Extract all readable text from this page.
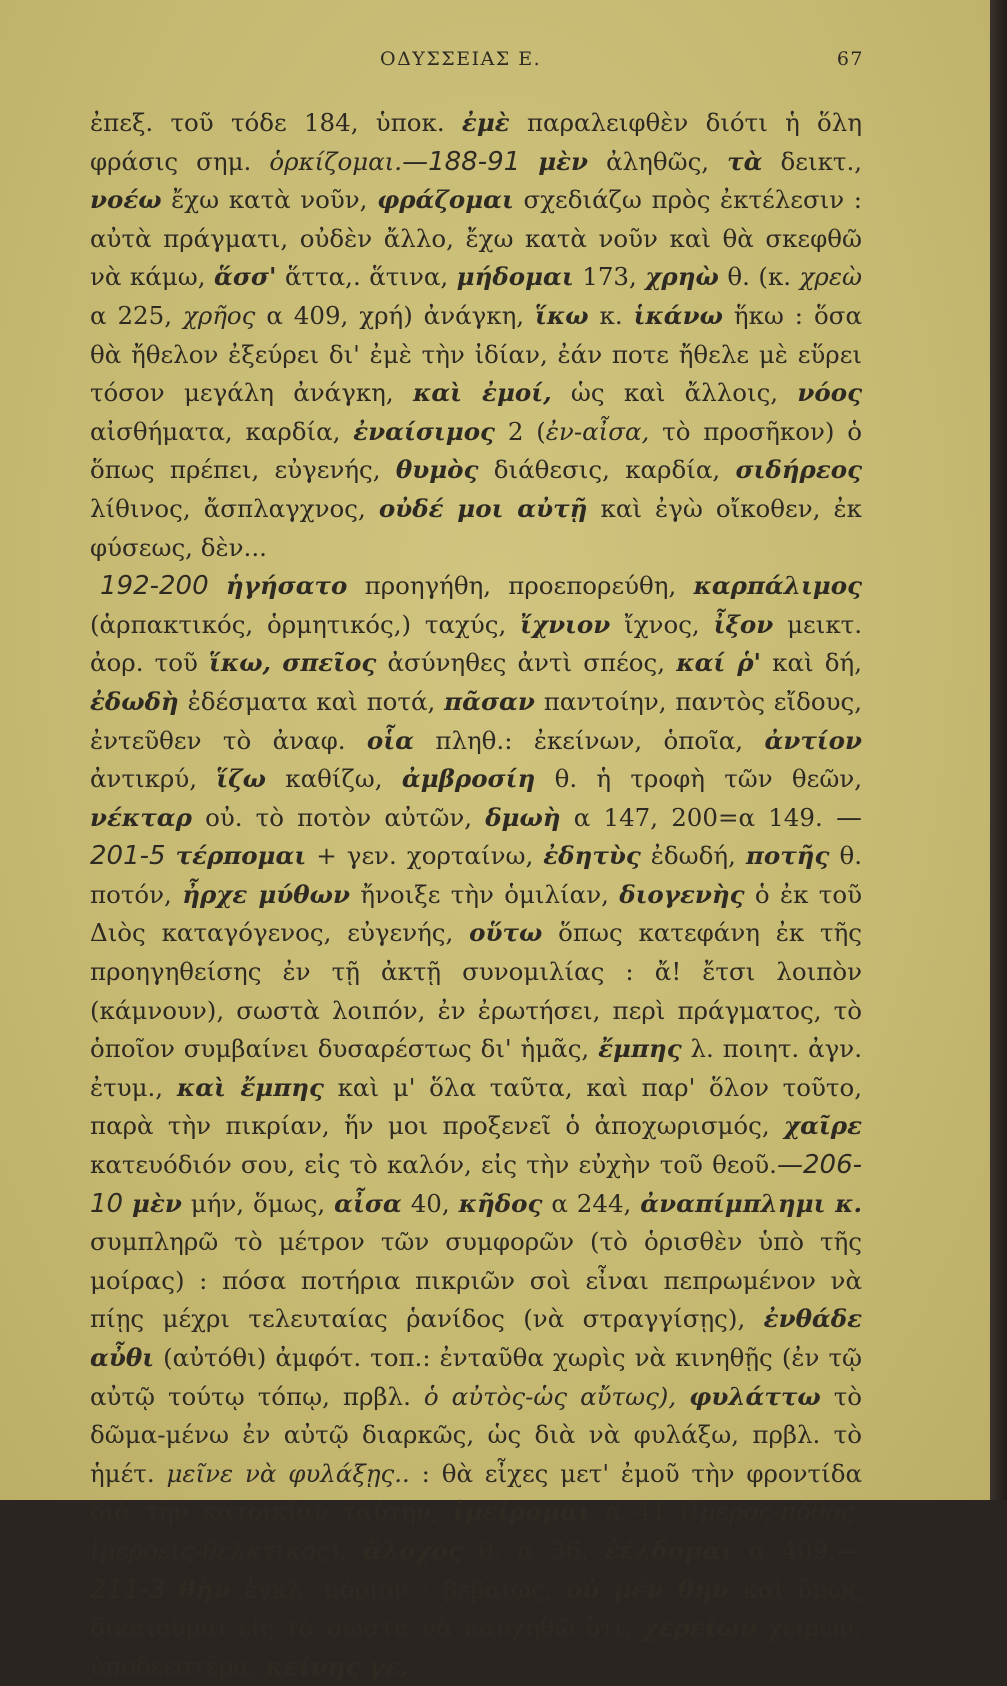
ΟΔΥΣΣΕΙΑΣ Ε.	67

ἐπεξ. τοῦ τόδε 184, ὑποκ. ἐμὲ παραλειφθὲν διότι ἡ ὅλη φράσις σημ. ὁρκίζομαι.—188-91 μὲν ἀληθῶς, τὰ δεικτ., νοέω ἔχω κατὰ νοῦν, φράζομαι σχεδιάζω πρὸς ἐκτέλεσιν : αὐτὰ πράγματι, οὐδὲν ἄλλο, ἔχω κατὰ νοῦν καὶ θὰ σκεφθῶ νὰ κάμω, ἅσσ' ἅττα,. ἅτινα, μήδομαι 173, χρηὼ θ. (κ. χρεὼ α 225, χρῆος α 409, χρή) ἀνάγκη, ἵκω κ. ἱκάνω ἥκω : ὅσα θὰ ἤθελον ἐξεύρει δι' ἐμὲ τὴν ἰδίαν, ἐάν ποτε ἤθελε μὲ εὕρει τόσον μεγάλη ἀνάγκη, καὶ ἐμοί, ὡς καὶ ἄλλοις, νόος αἰσθήματα, καρδία, ἐναίσιμος 2 (ἐν-αἶσα, τὸ προσῆκον) ὁ ὅπως πρέπει, εὐγενής, θυμὸς διάθεσις, καρδία, σιδήρεος λίθινος, ἄσπλαγχνος, οὐδέ μοι αὐτῇ καὶ ἐγὼ οἴκοθεν, ἐκ φύσεως, δὲν...

192-200 ἡγήσατο προηγήθη, προεπορεύθη, καρπάλιμος (ἁρπακτικός, ὁρμητικός,) ταχύς, ἴχνιον ἴχνος, ἶξον μεικτ. ἀορ. τοῦ ἵκω, σπεῖος ἀσύνηθες ἀντὶ σπέος, καί ῥ' καὶ δή, ἐδωδὴ ἐδέσματα καὶ ποτά, πᾶσαν παντοίην, παντὸς εἴδους, ἐντεῦθεν τὸ ἀναφ. οἷα πληθ.: ἐκείνων, ὁποῖα, ἀντίον ἀντικρύ, ἵζω καθίζω, ἀμβροσίη θ. ἡ τροφὴ τῶν θεῶν, νέκταρ οὐ. τὸ ποτὸν αὐτῶν, δμωὴ α 147, 200=α 149. —201-5 τέρπομαι + γεν. χορταίνω, ἐδητὺς ἐδωδή, ποτῆς θ. ποτόν, ἦρχε μύθων ἤνοιξε τὴν ὁμιλίαν, διογενὴς ὁ ἐκ τοῦ Διὸς καταγόγενος, εὐγενής, οὕτω ὅπως κατεφάνη ἐκ τῆς προηγηθείσης ἐν τῇ ἀκτῇ συνομιλίας : ἄ! ἔτσι λοιπὸν (κάμνουν), σωστὰ λοιπόν, ἐν ἐρωτήσει, περὶ πράγματος, τὸ ὁποῖον συμβαίνει δυσαρέστως δι' ἡμᾶς, ἔμπης λ. ποιητ. ἀγν. ἐτυμ., καὶ ἔμπης καὶ μ' ὅλα ταῦτα, καὶ παρ' ὅλον τοῦτο, παρὰ τὴν πικρίαν, ἥν μοι προξενεῖ ὁ ἀποχωρισμός, χαῖρε κατευόδιόν σου, εἰς τὸ καλόν, εἰς τὴν εὐχὴν τοῦ θεοῦ.—206-10 μὲν μήν, ὅμως, αἶσα 40, κῆδος α 244, ἀναπίμπλημι κ. συμπληρῶ τὸ μέτρον τῶν συμφορῶν (τὸ ὁρισθὲν ὑπὸ τῆς μοίρας) : πόσα ποτήρια πικριῶν σοὶ εἶναι πεπρωμένον νὰ πίῃς μέχρι τελευταίας ῥανίδος (νὰ στραγγίσῃς), ἐνθάδε αὖθι (αὐτόθι) ἀμφότ. τοπ.: ἐνταῦθα χωρὶς νὰ κινηθῇς (ἐν τῷ αὐτῷ τούτῳ τόπῳ, πρβλ. ὁ αὐτὸς-ὡς αὔτως), φυλάττω τὸ δῶμα-μένω ἐν αὐτῷ διαρκῶς, ὡς διὰ νὰ φυλάξω, πρβλ. τὸ ἡμέτ. μεῖνε νὰ φυλάξῃς.. : θὰ εἶχες μετ' ἐμοῦ τὴν φροντίδα διὰ τὴν κατοικίαν ταύτην, ἱμείρομαι α 41 (ἵμερος-πόθος, ἱμερόεις-θελκτικός), ἄλοχος θ. α 36, ἐέλδομαι α 409.—211-3 θὴν ἐγκλ. μόριον : βεβαίως, οὐ μέν θην καὶ ὅμως δικαιοῦμαι εἰς τὰ σωστὰ νὰ καυχηθῶ ὅτι, χερείων χείρων, ὑποδεεστέρα, κείνης γε,
